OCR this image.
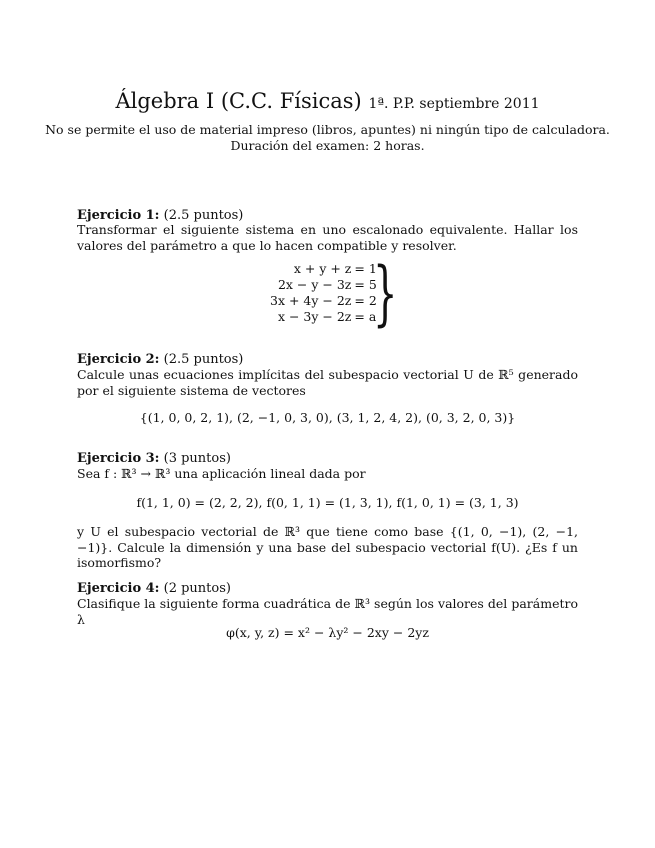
Álgebra I (C.C. Físicas) 1ª. P.P. septiembre 2011
No se permite el uso de material impreso (libros, apuntes) ni ningún tipo de calculadora.
Duración del examen: 2 horas.
Ejercicio 1: (2.5 puntos)

Transformar el siguiente sistema en uno escalonado equivalente. Hallar los valores del parámetro a que lo hacen compatible y resolver.

x + y + z	= 1
2x − y − 3z	= 5
3x + 4y − 2z	= 2
x − 3y − 2z	= a
}
Ejercicio 2: (2.5 puntos)

Calcule unas ecuaciones implícitas del subespacio vectorial U de ℝ⁵ generado por el siguiente sistema de vectores

{(1, 0, 0, 2, 1), (2, −1, 0, 3, 0), (3, 1, 2, 4, 2), (0, 3, 2, 0, 3)}
Ejercicio 3: (3 puntos)

Sea f : ℝ³ → ℝ³ una aplicación lineal dada por

f(1, 1, 0) = (2, 2, 2), f(0, 1, 1) = (1, 3, 1), f(1, 0, 1) = (3, 1, 3)

y U el subespacio vectorial de ℝ³ que tiene como base {(1, 0, −1), (2, −1, −1)}. Calcule la dimensión y una base del subespacio vectorial f(U). ¿Es f un isomorfismo?

Ejercicio 4: (2 puntos)

Clasifique la siguiente forma cuadrática de ℝ³ según los valores del parámetro λ

φ(x, y, z) = x² − λy² − 2xy − 2yz
